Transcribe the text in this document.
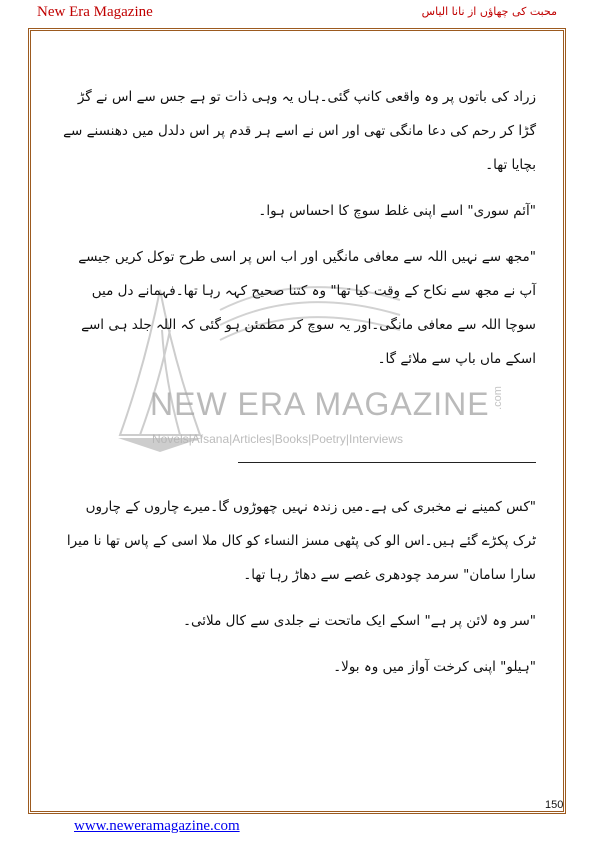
New Era Magazine	محبت کی چھاؤں از نانا الیاس
NEW ERA MAGAZINE
Novels|Afsana|Articles|Books|Poetry|Interviews
.com

زراد کی باتوں پر وہ واقعی کانپ گئی۔ہاں یہ وہی ذات تو ہے جس سے اس نے گڑ گڑا کر رحم کی دعا مانگی تھی اور اس نے اسے ہر قدم پر اس دلدل میں دھنسنے سے بچایا تھا۔

"آئم سوری" اسے اپنی غلط سوچ کا احساس ہوا۔

"مجھ سے نہیں اللہ سے معافی مانگیں اور اب اس پر اسی طرح توکل کریں جیسے آپ نے مجھ سے نکاح کے وقت کیا تھا" وہ کتنا صحیح کہہ رہا تھا۔فہمانے دل میں سوچا اللہ سے معافی مانگی۔اور یہ سوچ کر مطمئن ہو گئی کہ اللہ جلد ہی اسے اسکے ماں باپ سے ملائے گا۔

"کس کمینے نے مخبری کی ہے۔میں زندہ نہیں چھوڑوں گا۔میرے چاروں کے چاروں ٹرک پکڑے گئے ہیں۔اس الو کی پٹھی مسز النساء کو کال ملا اسی کے پاس تھا نا میرا سارا سامان" سرمد چودھری غصے سے دھاڑ رہا تھا۔

"سر وہ لائن پر ہے" اسکے ایک ماتحت نے جلدی سے کال ملائی۔

"ہیلو" اپنی کرخت آواز میں وہ بولا۔

150
www.neweramagazine.com
